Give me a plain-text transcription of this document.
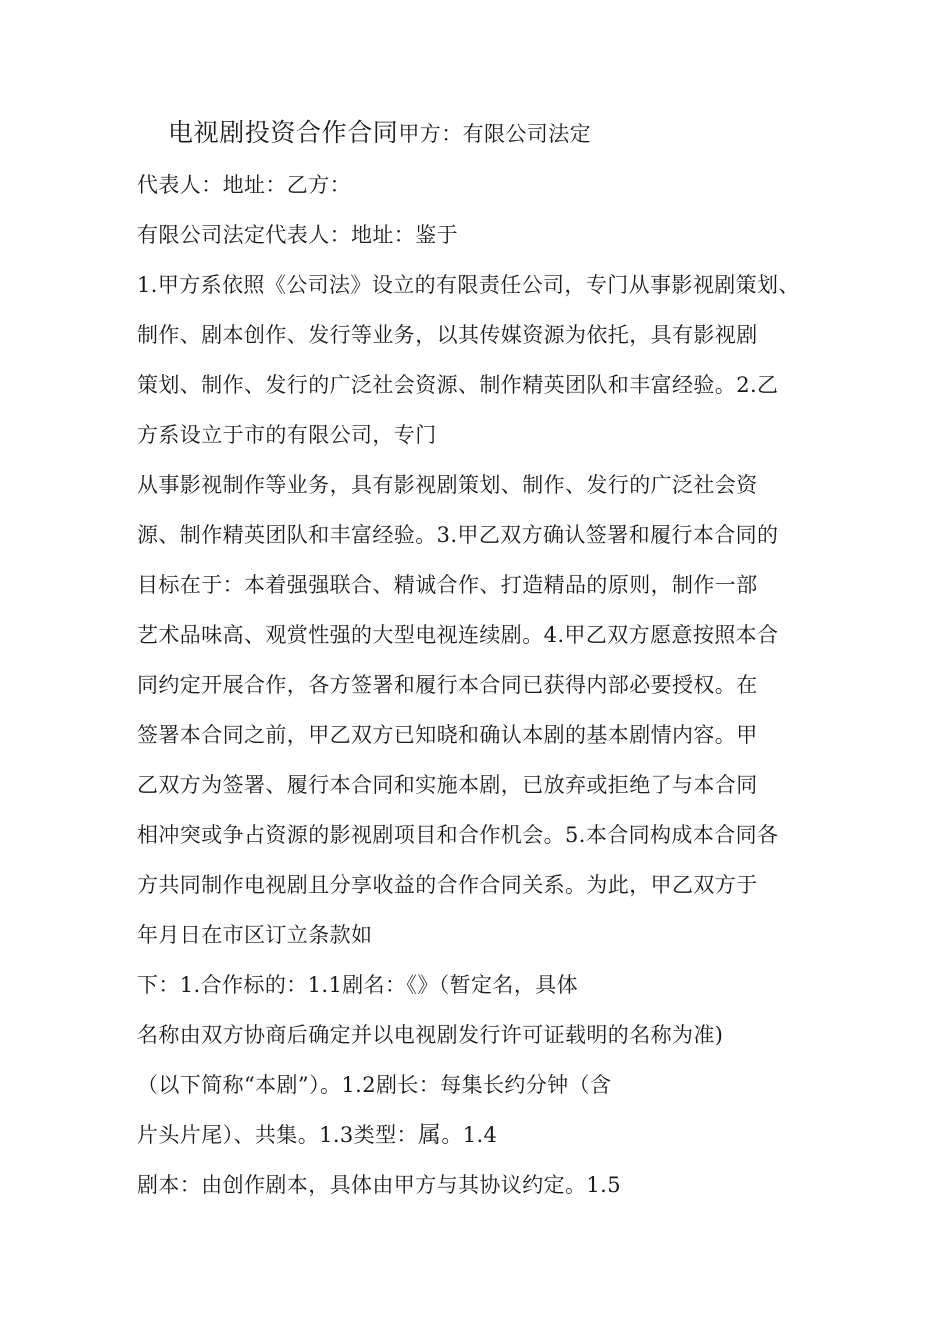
电视剧投资合作合同甲方：有限公司法定
代表人：地址：乙方：
有限公司法定代表人：地址：鉴于
1.甲方系依照《公司法》设立的有限责任公司，专门从事影视剧策划、
制作、剧本创作、发行等业务，以其传媒资源为依托，具有影视剧
策划、制作、发行的广泛社会资源、制作精英团队和丰富经验。2.乙
方系设立于市的有限公司，专门
从事影视制作等业务，具有影视剧策划、制作、发行的广泛社会资
源、制作精英团队和丰富经验。3.甲乙双方确认签署和履行本合同的
目标在于：本着强强联合、精诚合作、打造精品的原则，制作一部
艺术品味高、观赏性强的大型电视连续剧。4.甲乙双方愿意按照本合
同约定开展合作，各方签署和履行本合同已获得内部必要授权。在
签署本合同之前，甲乙双方已知晓和确认本剧的基本剧情内容。甲
乙双方为签署、履行本合同和实施本剧，已放弃或拒绝了与本合同
相冲突或争占资源的影视剧项目和合作机会。5.本合同构成本合同各
方共同制作电视剧且分享收益的合作合同关系。为此，甲乙双方于
年月日在市区订立条款如
下：1.合作标的：1.1剧名：《》（暂定名，具体
名称由双方协商后确定并以电视剧发行许可证载明的名称为准)
（以下简称“本剧”）。1.2剧长：每集长约分钟（含
片头片尾）、共集。1.3类型：属。1.4
剧本：由创作剧本，具体由甲方与其协议约定。1.5
